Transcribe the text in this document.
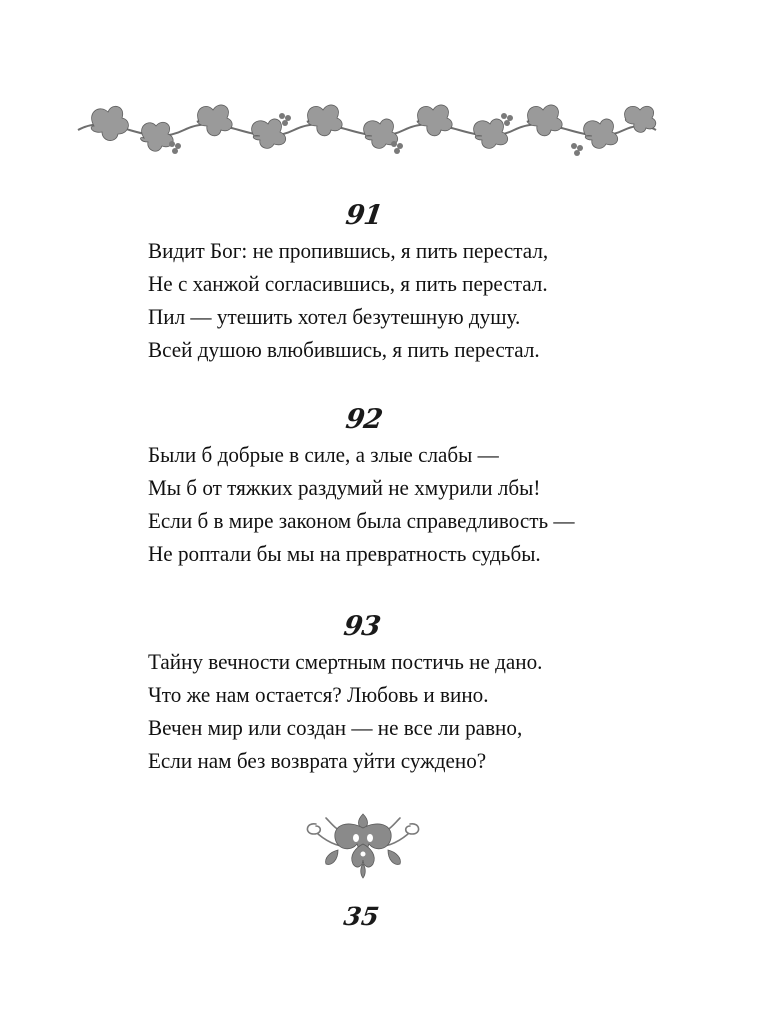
91
Видит Бог: не пропившись, я пить перестал,
Не с ханжой согласившись, я пить перестал.
Пил — утешить хотел безутешную душу.
Всей душою влюбившись, я пить перестал.
92
Были б добрые в силе, а злые слабы —
Мы б от тяжких раздумий не хмурили лбы!
Если б в мире законом была справедливость —
Не роптали бы мы на превратность судьбы.
93
Тайну вечности смертным постичь не дано.
Что же нам остается? Любовь и вино.
Вечен мир или создан — не все ли равно,
Если нам без возврата уйти суждено?
35
